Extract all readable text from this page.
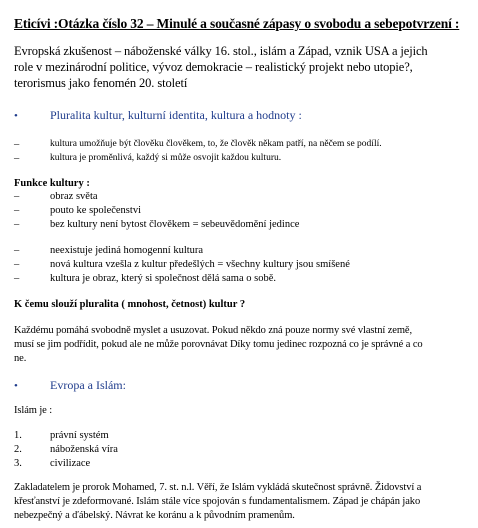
Eticívi :Otázka číslo 32 – Minulé a současné zápasy o svobodu a sebepotvrzení :
Evropská zkušenost – náboženské války 16. stol., islám a Západ, vznik USA a jejich
role v mezinárodní politice, vývoz demokracie – realistický projekt nebo utopie?,
terorismus jako fenomén 20. století
•	Pluralita kultur, kulturní identita, kultura a hodnoty :
–	kultura umožňuje být člověku člověkem, to, že člověk někam patří, na něčem se podílí.
–	kultura je proměnlivá, každý si může osvojit každou kulturu.
Funkce kultury :
–	obraz světa
–	pouto ke společenstvi
–	bez kultury není bytost člověkem = sebeuvědomění jedince
–	neexistuje jediná homogenní kultura
–	nová kultura vzešla z kultur předešlých = všechny kultury jsou smíšené
–	kultura je obraz, který si společnost dělá sama o sobě.
K čemu slouží pluralita ( mnohost, četnost) kultur ?
Každému pomáhá svobodně myslet a usuzovat. Pokud někdo zná pouze normy své vlastní země,
musí se jim podřídit, pokud ale ne může porovnávat Díky tomu jedinec rozpozná co je správné a co
ne.
•	Evropa a Islám:
Islám je :
1.	právní systém
2.	náboženská víra
3.	civilizace
Zakladatelem je prorok Mohamed, 7. st. n.l. Věří, že Islám vykládá skutečnost správně. Židovství a
křesťanství je zdeformované. Islám stále více spojován s fundamentalismem. Západ je chápán jako
nebezpečný a ďábelský. Návrat ke koránu a k původním pramenům.
